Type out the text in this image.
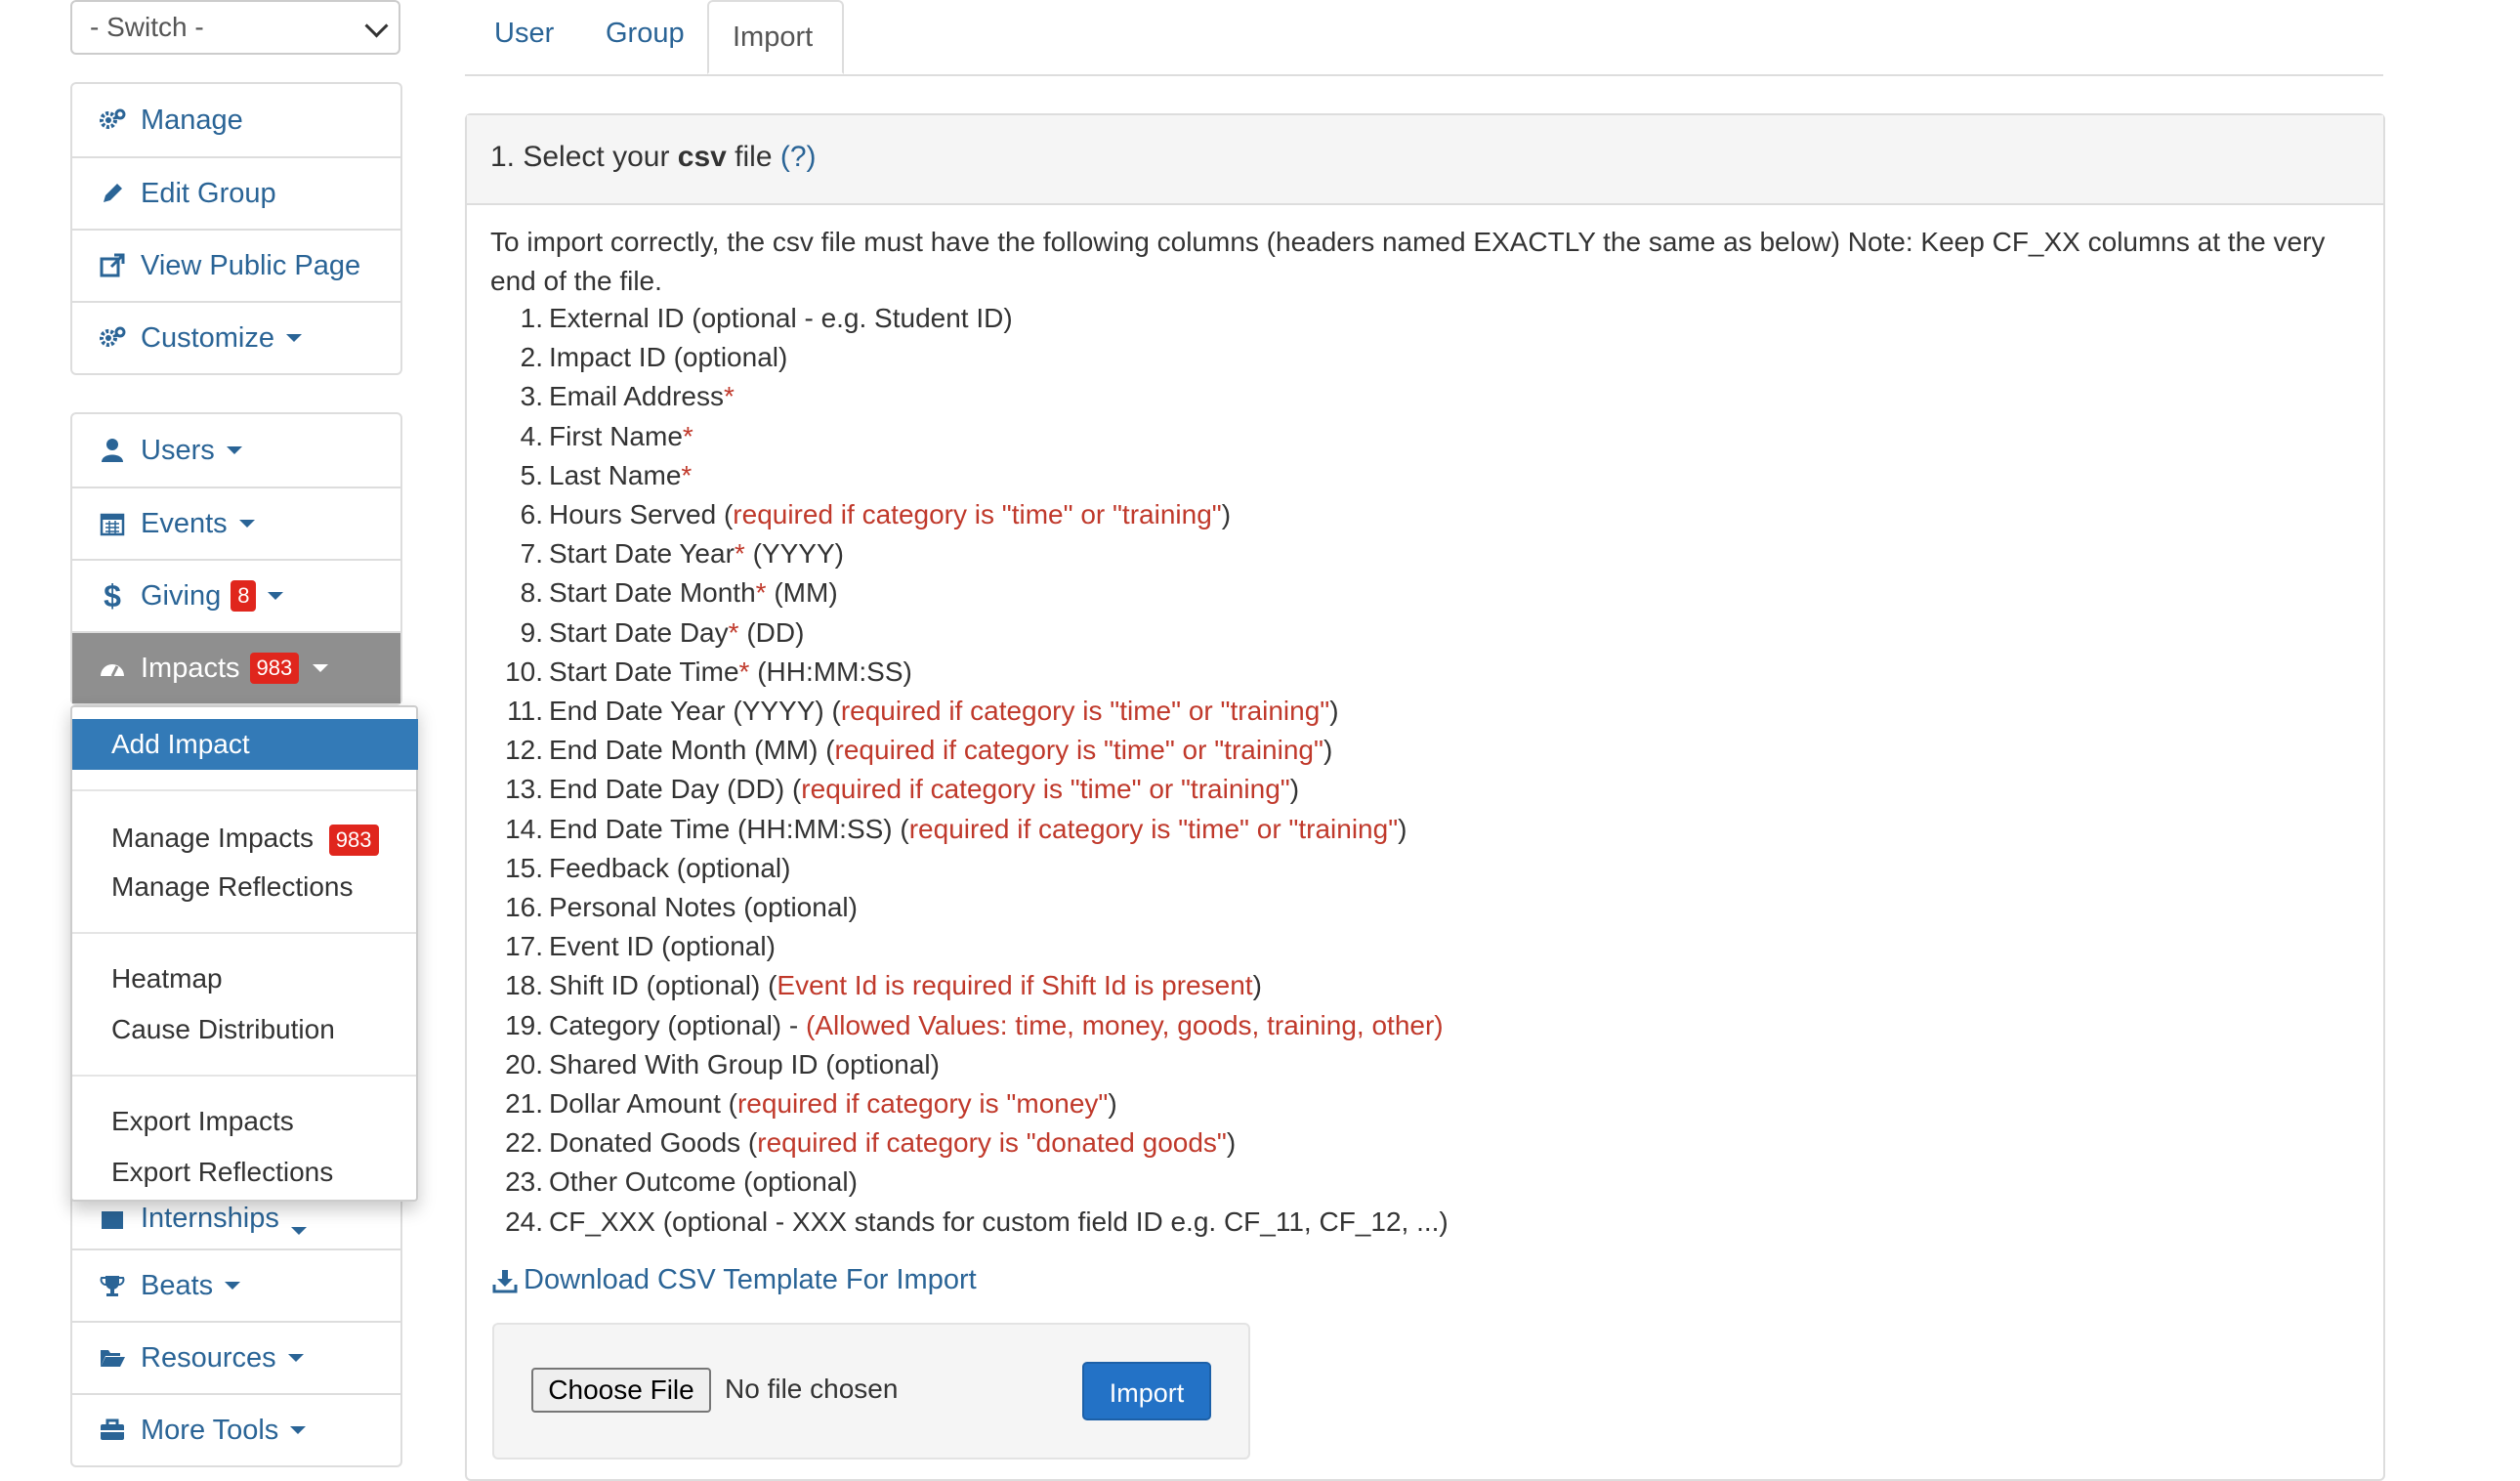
- Switch -
Manage
Edit Group
View Public Page
Customize
Users
Events
$ Giving 8
Impacts 983
Internships
Beats
Resources
More Tools
Add Impact
Manage Impacts 983
Manage Reflections
Heatmap
Cause Distribution
Export Impacts
Export Reflections
User Group	Import
1. Select your csv file (?)
To import correctly, the csv file must have the following columns (headers named EXACTLY the same as below) Note: Keep CF_XX columns at the very end of the file.
1. External ID (optional - e.g. Student ID)
2. Impact ID (optional)
3. Email Address*
4. First Name*
5. Last Name*
6. Hours Served (required if category is "time" or "training")
7. Start Date Year* (YYYY)
8. Start Date Month* (MM)
9. Start Date Day* (DD)
10. Start Date Time* (HH:MM:SS)
11. End Date Year (YYYY) (required if category is "time" or "training")
12. End Date Month (MM) (required if category is "time" or "training")
13. End Date Day (DD) (required if category is "time" or "training")
14. End Date Time (HH:MM:SS) (required if category is "time" or "training")
15. Feedback (optional)
16. Personal Notes (optional)
17. Event ID (optional)
18. Shift ID (optional) (Event Id is required if Shift Id is present)
19. Category (optional) - (Allowed Values: time, money, goods, training, other)
20. Shared With Group ID (optional)
21. Dollar Amount (required if category is "money")
22. Donated Goods (required if category is "donated goods")
23. Other Outcome (optional)
24. CF_XXX (optional - XXX stands for custom field ID e.g. CF_11, CF_12, ...)
Download CSV Template For Import
Choose File	No file chosen	Import
